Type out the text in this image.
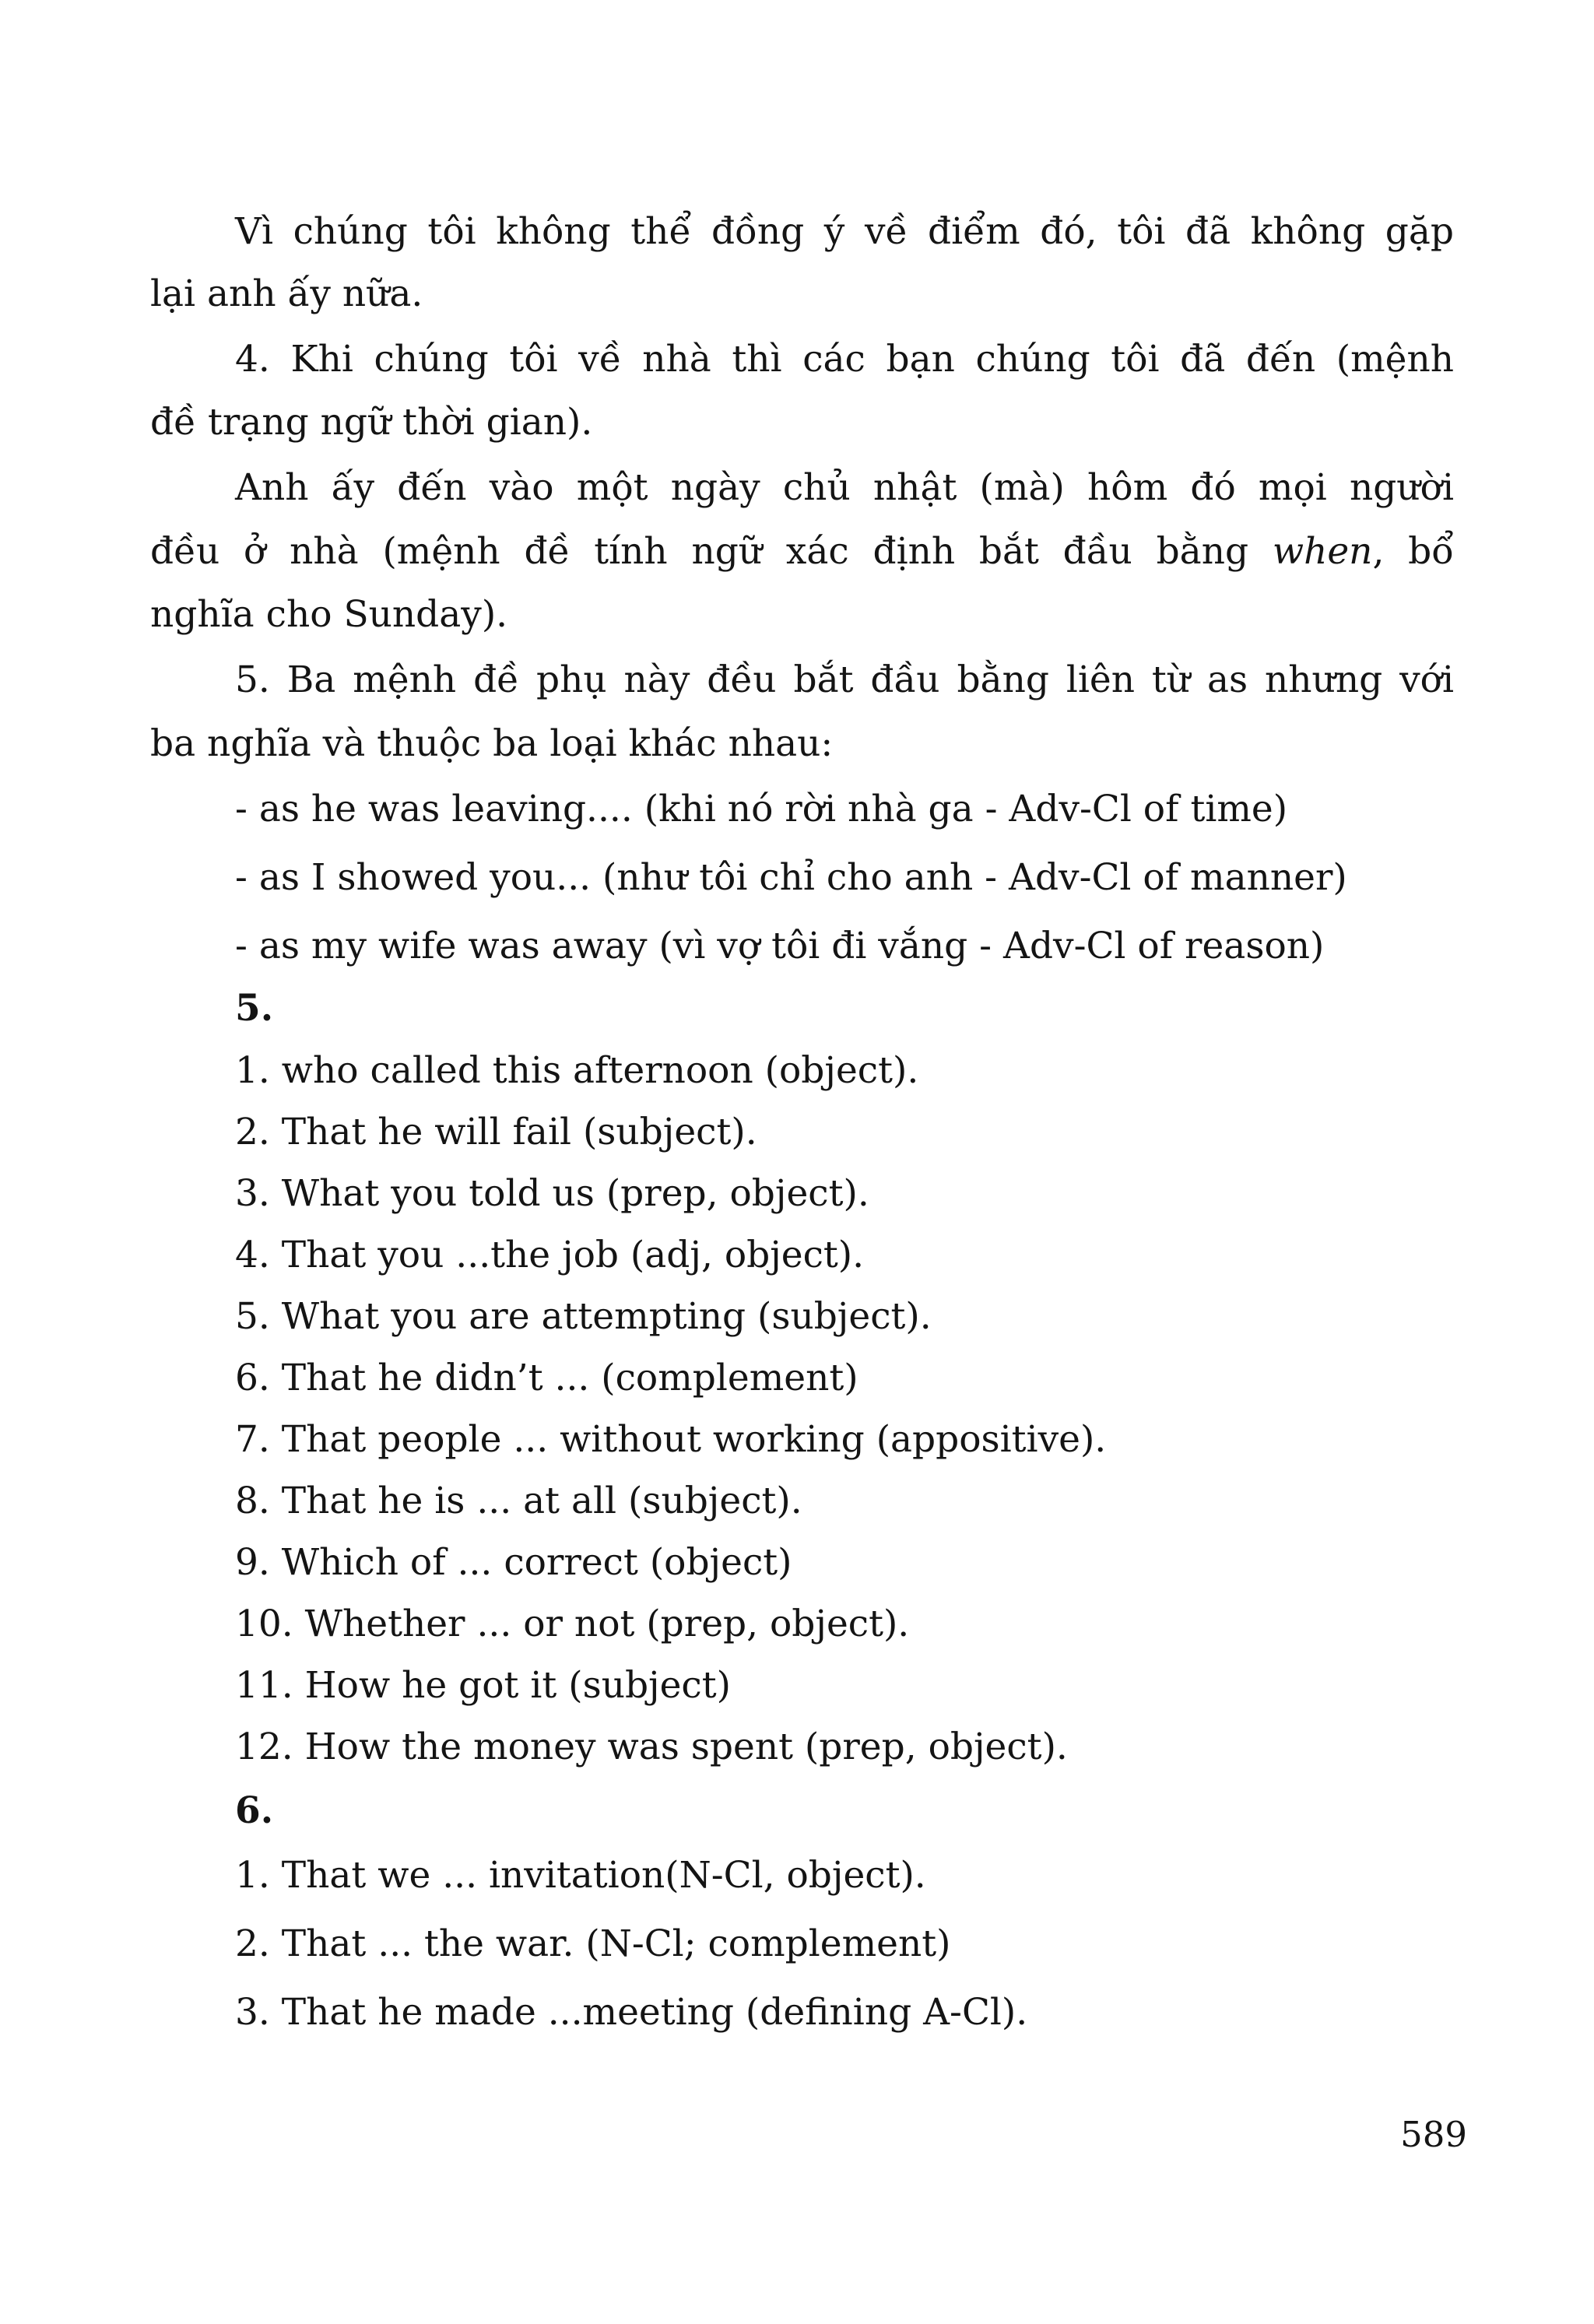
Vì chúng tôi không thể đồng ý về điểm đó, tôi đã không gặp
lại anh ấy nữa.
4. Khi chúng tôi về nhà thì các bạn chúng tôi đã đến (mệnh
đề trạng ngữ thời gian).
Anh ấy đến vào một ngày chủ nhật (mà) hôm đó mọi người
đều ở nhà (mệnh đề tính ngữ xác định bắt đầu bằng when, bổ
nghĩa cho Sunday).
5. Ba mệnh đề phụ này đều bắt đầu bằng liên từ as nhưng với
ba nghĩa và thuộc ba loại khác nhau:
- as he was leaving.... (khi nó rời nhà ga - Adv-Cl of time)
- as I showed you... (như tôi chỉ cho anh - Adv-Cl of manner)
- as my wife was away (vì vợ tôi đi vắng - Adv-Cl of reason)
5.
1. who called this afternoon (object).
2. That he will fail (subject).
3. What you told us (prep, object).
4. That you ...the job (adj, object).
5. What you are attempting (subject).
6. That he didn’t ... (complement)
7. That people ... without working (appositive).
8. That he is ... at all (subject).
9. Which of ... correct (object)
10. Whether ... or not (prep, object).
11. How he got it (subject)
12. How the money was spent (prep, object).
6.
1. That we ... invitation(N-Cl, object).
2. That ... the war. (N-Cl; complement)
3. That he made ...meeting (defining A-Cl).
589
